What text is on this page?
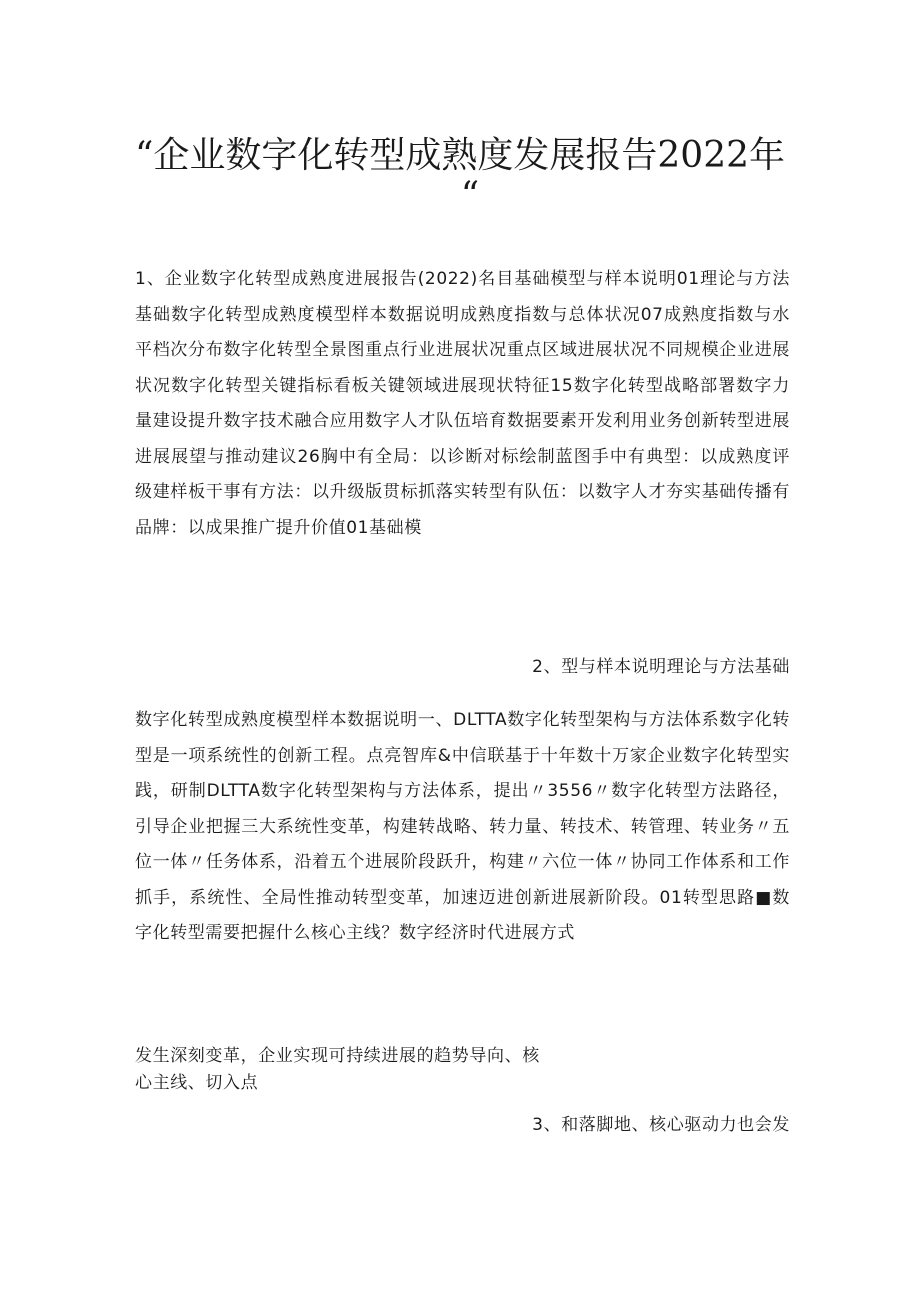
“企业数字化转型成熟度发展报告2022年
“
1、企业数字化转型成熟度进展报告(2022)名目基础模型与样本说明01理论与方法基础数字化转型成熟度模型样本数据说明成熟度指数与总体状况07成熟度指数与水平档次分布数字化转型全景图重点行业进展状况重点区域进展状况不同规模企业进展状况数字化转型关键指标看板关键领域进展现状特征15数字化转型战略部署数字力量建设提升数字技术融合应用数字人才队伍培育数据要素开发利用业务创新转型进展进展展望与推动建议26胸中有全局：以诊断对标绘制蓝图手中有典型：以成熟度评级建样板干事有方法：以升级版贯标抓落实转型有队伍：以数字人才夯实基础传播有品牌：以成果推广提升价值01基础模
2、型与样本说明理论与方法基础
数字化转型成熟度模型样本数据说明一、DLTTA数字化转型架构与方法体系数字化转型是一项系统性的创新工程。点亮智库&中信联基于十年数十万家企业数字化转型实践，研制DLTTA数字化转型架构与方法体系，提出〃3556〃数字化转型方法路径，引导企业把握三大系统性变革，构建转战略、转力量、转技术、转管理、转业务〃五位一体〃任务体系，沿着五个进展阶段跃升，构建〃六位一体〃协同工作体系和工作抓手，系统性、全局性推动转型变革，加速迈进创新进展新阶段。01转型思路■数字化转型需要把握什么核心主线？数字经济时代进展方式
发生深刻变革，企业实现可持续进展的趋势导向、核
心主线、切入点
3、和落脚地、核心驱动力也会发
